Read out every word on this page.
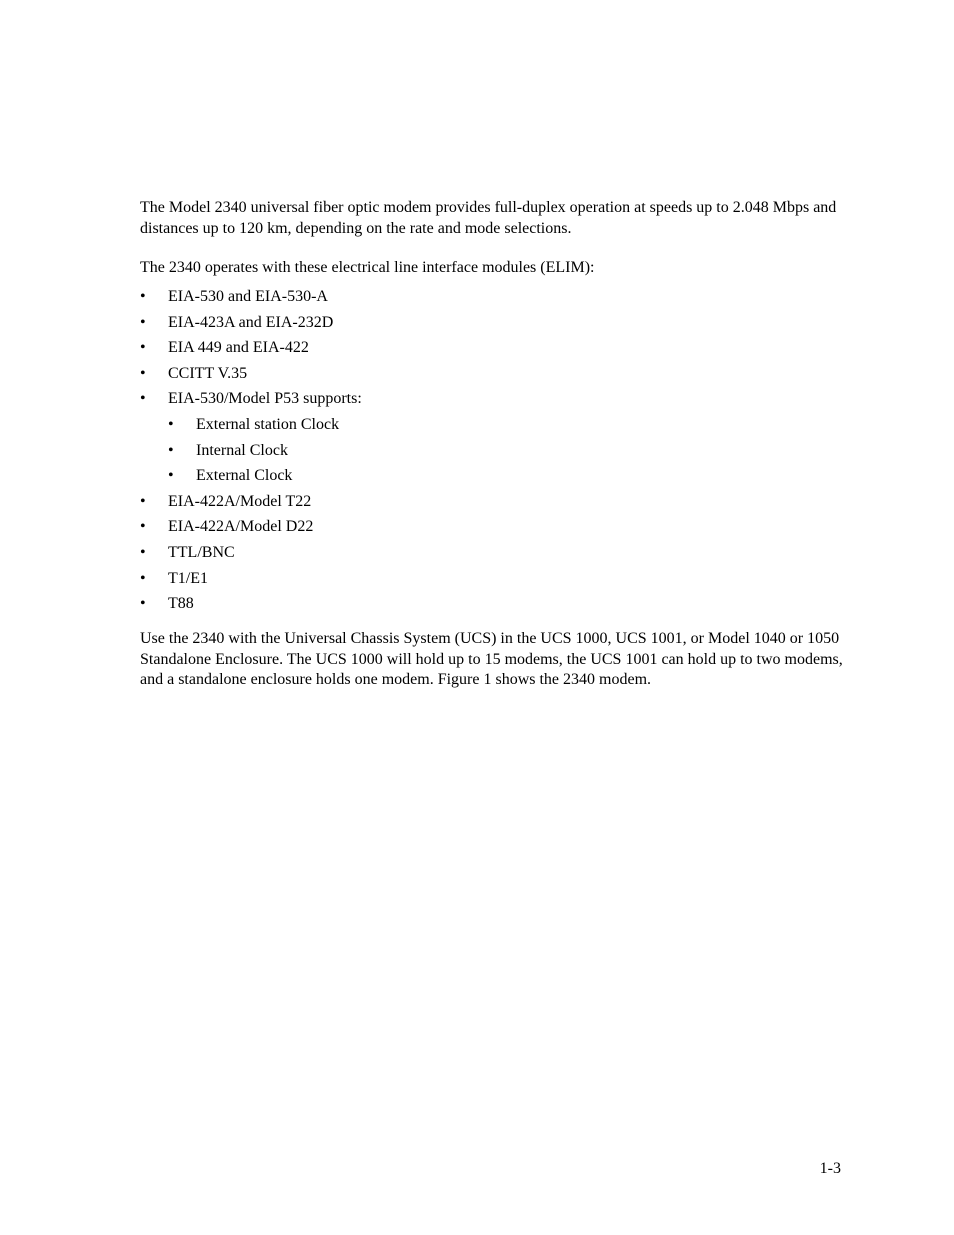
The Model 2340 universal fiber optic modem provides full-duplex operation at speeds up to 2.048 Mbps and distances up to 120 km, depending on the rate and mode selections.

The 2340 operates with these electrical line interface modules (ELIM):

•	EIA-530 and EIA-530-A
•	EIA-423A and EIA-232D
•	EIA 449 and EIA-422
•	CCITT V.35
•	EIA-530/Model P53 supports:
•	External station Clock
•	Internal Clock
•	External Clock
•	EIA-422A/Model T22
•	EIA-422A/Model D22
•	TTL/BNC
•	T1/E1
•	T88

Use the 2340 with the Universal Chassis System (UCS) in the UCS 1000, UCS 1001, or Model 1040 or 1050 Standalone Enclosure. The UCS 1000 will hold up to 15 modems, the UCS 1001 can hold up to two modems, and a standalone enclosure holds one modem. Figure 1 shows the 2340 modem.

1-3
